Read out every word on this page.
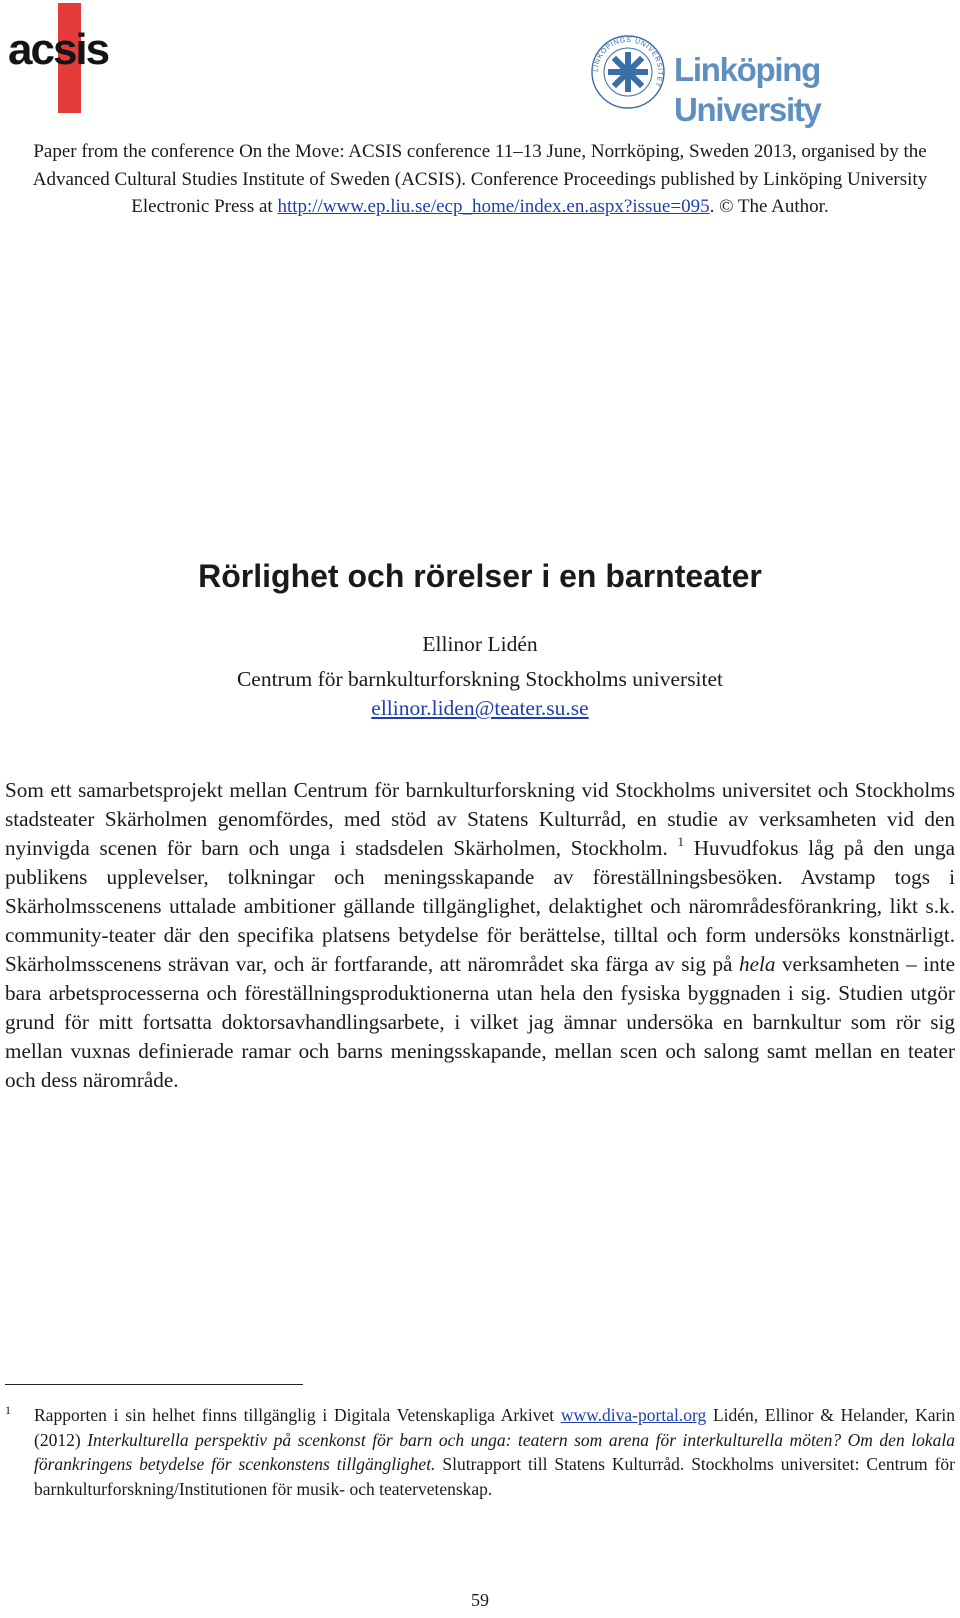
acsis	LINKÖPINGS UNIVERSITET Linköping University
Paper from the conference On the Move: ACSIS conference 11–13 June, Norrköping, Sweden 2013, organised by the Advanced Cultural Studies Institute of Sweden (ACSIS). Conference Proceedings published by Linköping University Electronic Press at http://www.ep.liu.se/ecp_home/index.en.aspx?issue=095. © The Author.
Rörlighet och rörelser i en barnteater
Ellinor Lidén
Centrum för barnkulturforskning Stockholms universitet
ellinor.liden@teater.su.se
Som ett samarbetsprojekt mellan Centrum för barnkulturforskning vid Stockholms universitet och Stockholms stadsteater Skärholmen genomfördes, med stöd av Statens Kulturråd, en studie av verksamheten vid den nyinvigda scenen för barn och unga i stadsdelen Skärholmen, Stockholm. $^1$ Huvudfokus låg på den unga publikens upplevelser, tolkningar och meningsskapande av föreställningsbesöken. Avstamp togs i Skärholmsscenens uttalade ambitioner gällande tillgänglighet, delaktighet och närområdesförankring, likt s.k. community-teater där den specifika platsens betydelse för berättelse, tilltal och form undersöks konstnärligt. Skärholmsscenens strävan var, och är fortfarande, att närområdet ska färga av sig på hela verksamheten – inte bara arbetsprocesserna och föreställningsproduktionerna utan hela den fysiska byggnaden i sig. Studien utgör grund för mitt fortsatta doktorsavhandlingsarbete, i vilket jag ämnar undersöka en barnkultur som rör sig mellan vuxnas definierade ramar och barns meningsskapande, mellan scen och salong samt mellan en teater och dess närområde.
1 Rapporten i sin helhet finns tillgänglig i Digitala Vetenskapliga Arkivet www.diva-portal.org Lidén, Ellinor & Helander, Karin (2012) Interkulturella perspektiv på scenkonst för barn och unga: teatern som arena för interkulturella möten? Om den lokala förankringens betydelse för scenkonstens tillgänglighet. Slutrapport till Statens Kulturråd. Stockholms universitet: Centrum för barnkulturforskning/Institutionen för musik- och teatervetenskap.
59
